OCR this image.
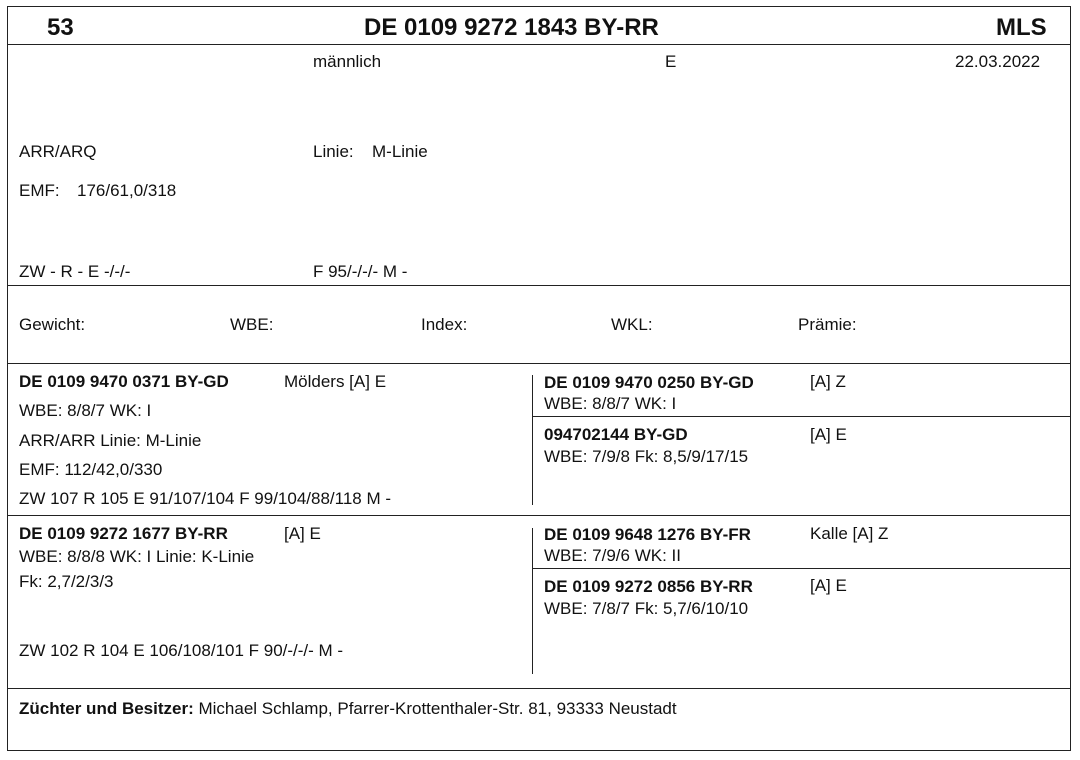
53	DE 0109 9272 1843 BY-RR	MLS
männlich	E	22.03.2022
ARR/ARQ	Linie: M-Linie
EMF: 176/61,0/318
ZW - R - E -/-/-	F 95/-/-/- M -
Gewicht:	WBE:	Index:	WKL:	Prämie:
DE 0109 9470 0371 BY-GD	Mölders [A] E
WBE: 8/8/7 WK: I
ARR/ARR Linie: M-Linie
EMF: 112/42,0/330
ZW 107 R 105 E 91/107/104 F 99/104/88/118 M -
DE 0109 9470 0250 BY-GD	[A] Z
WBE: 8/8/7 WK: I
094702144 BY-GD	[A] E
WBE: 7/9/8 Fk: 8,5/9/17/15
DE 0109 9272 1677 BY-RR	[A] E
WBE: 8/8/8 WK: I Linie: K-Linie
Fk: 2,7/2/3/3
ZW 102 R 104 E 106/108/101 F 90/-/-/- M -
DE 0109 9648 1276 BY-FR	Kalle [A] Z
WBE: 7/9/6 WK: II
DE 0109 9272 0856 BY-RR	[A] E
WBE: 7/8/7 Fk: 5,7/6/10/10
Züchter und Besitzer: Michael Schlamp, Pfarrer-Krottenthaler-Str. 81, 93333 Neustadt
